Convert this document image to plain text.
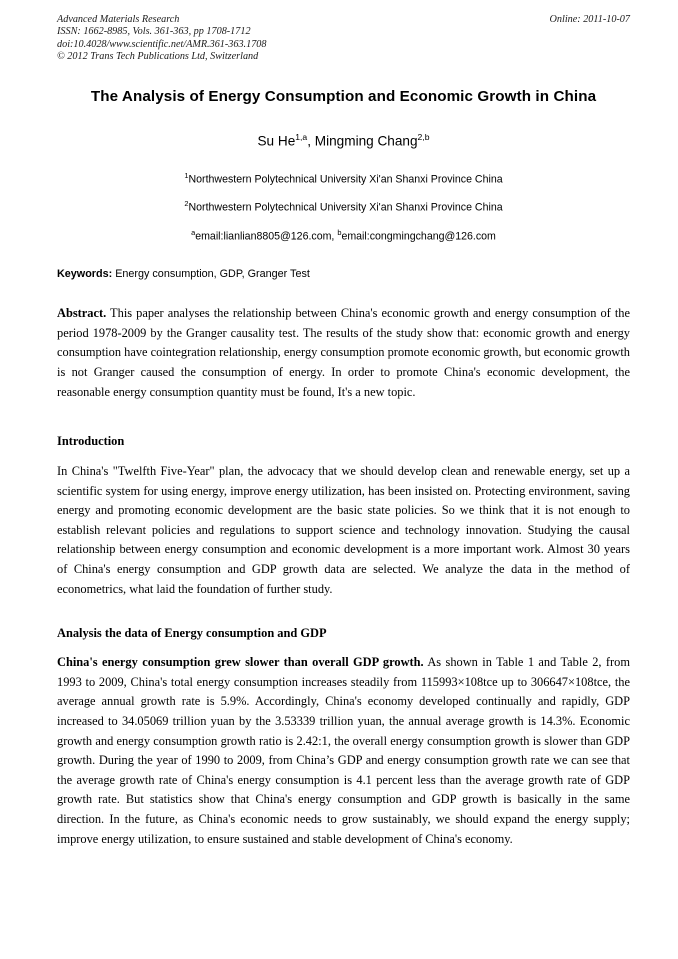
Advanced Materials Research
ISSN: 1662-8985, Vols. 361-363, pp 1708-1712
doi:10.4028/www.scientific.net/AMR.361-363.1708
© 2012 Trans Tech Publications Ltd, Switzerland
Online: 2011-10-07
The Analysis of Energy Consumption and Economic Growth in China
Su He$^{1,a}$, Mingming Chang$^{2,b}$
$^1$Northwestern Polytechnical University Xi'an Shanxi Province China
$^2$Northwestern Polytechnical University Xi'an Shanxi Province China
$^a$email:lianlian8805@126.com, $^b$email:congmingchang@126.com
Keywords: Energy consumption, GDP, Granger Test
Abstract. This paper analyses the relationship between China's economic growth and energy consumption of the period 1978-2009 by the Granger causality test. The results of the study show that: economic growth and energy consumption have cointegration relationship, energy consumption promote economic growth, but economic growth is not Granger caused the consumption of energy. In order to promote China's economic development, the reasonable energy consumption quantity must be found, It's a new topic.
Introduction
In China's "Twelfth Five-Year" plan, the advocacy that we should develop clean and renewable energy, set up a scientific system for using energy, improve energy utilization, has been insisted on. Protecting environment, saving energy and promoting economic development are the basic state policies. So we think that it is not enough to establish relevant policies and regulations to support science and technology innovation. Studying the causal relationship between energy consumption and economic development is a more important work. Almost 30 years of China's energy consumption and GDP growth data are selected. We analyze the data in the method of econometrics, what laid the foundation of further study.
Analysis the data of Energy consumption and GDP
China's energy consumption grew slower than overall GDP growth. As shown in Table 1 and Table 2, from 1993 to 2009, China's total energy consumption increases steadily from 115993×108tce up to 306647×108tce, the average annual growth rate is 5.9%. Accordingly, China's economy developed continually and rapidly, GDP increased to 34.05069 trillion yuan by the 3.53339 trillion yuan, the annual average growth is 14.3%. Economic growth and energy consumption growth ratio is 2.42:1, the overall energy consumption growth is slower than GDP growth. During the year of 1990 to 2009, from China’s GDP and energy consumption growth rate we can see that the average growth rate of China's energy consumption is 4.1 percent less than the average growth rate of GDP growth rate. But statistics show that China's energy consumption and GDP growth is basically in the same direction. In the future, as China's economic needs to grow sustainably, we should expand the energy supply; improve energy utilization, to ensure sustained and stable development of China's economy.
